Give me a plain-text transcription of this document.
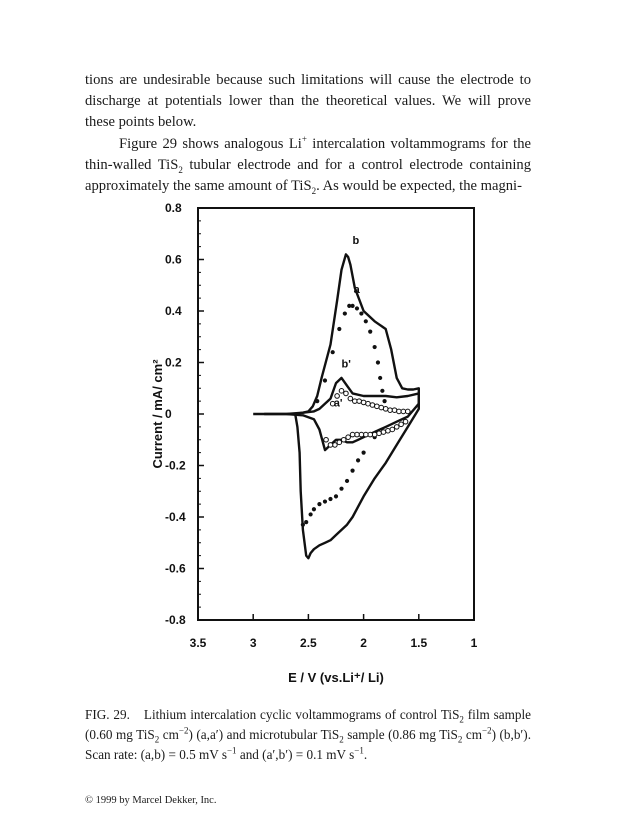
tions are undesirable because such limitations will cause the electrode to discharge at potentials lower than the theoretical values. We will prove these points below.

Figure 29 shows analogous Li+ intercalation voltammograms for the thin-walled TiS$_2$ tubular electrode and for a control electrode containing approximately the same amount of TiS$_2$. As would be expected, the magni-

0.8
0.6
0.4
0.2
0
-0.2
-0.4
-0.6
-0.8
3.5	3	2.5	2	1.5	1
b
a
b'
a'
Current / mA/ cm²
E / V (vs.Li⁺/ Li)

FIG. 29. Lithium intercalation cyclic voltammograms of control TiS$_2$ film sample (0.60 mg TiS$_2$ $cm^{-2}$) (a,a′) and microtubular TiS$_2$ sample (0.86 mg TiS$_2$ $cm^{-2}$) (b,b′). Scan rate: (a,b) = 0.5 mV $s^{-1}$ and (a′,b′) = 0.1 mV $s^{-1}$.

© 1999 by Marcel Dekker, Inc.
